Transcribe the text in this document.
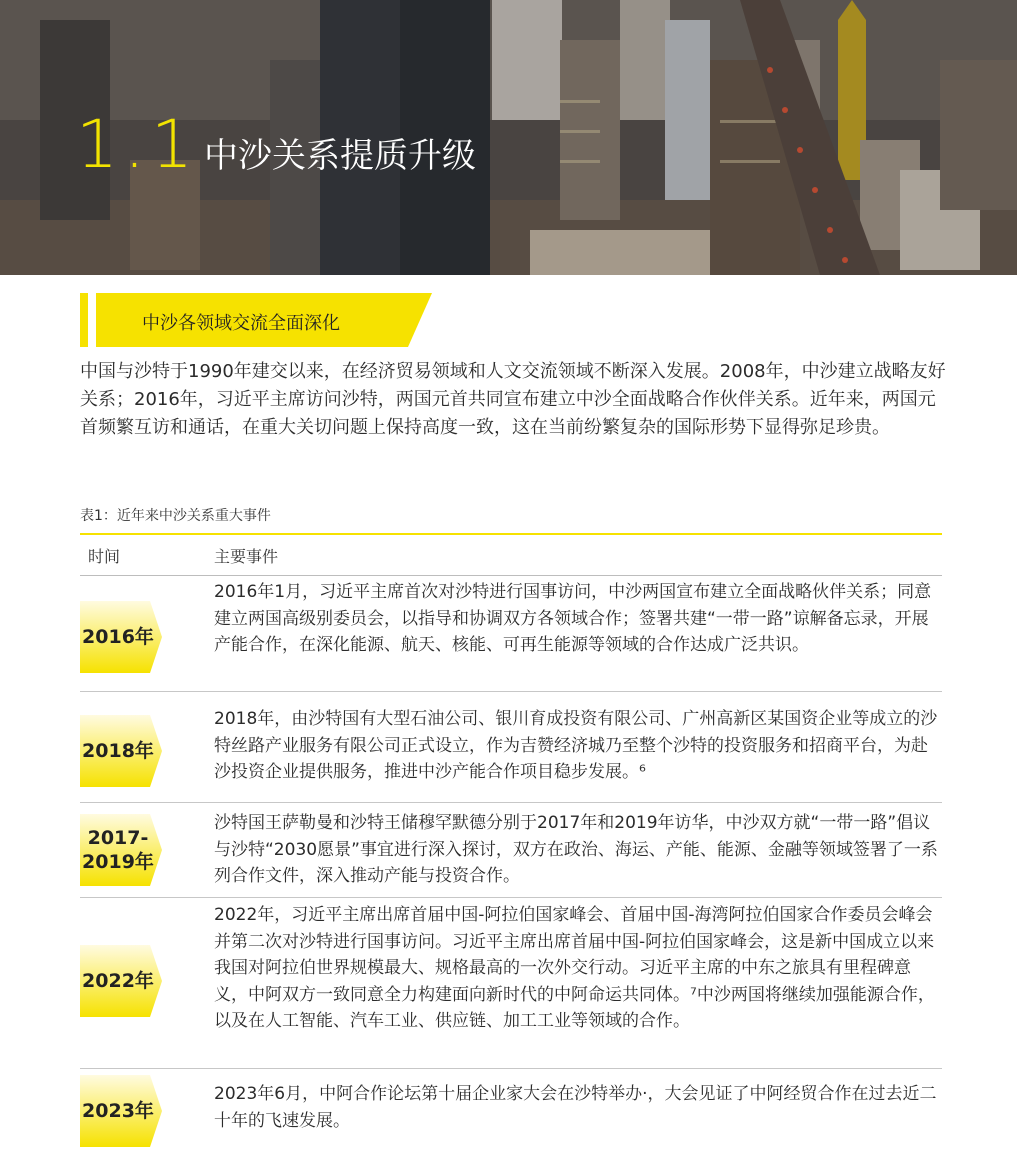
1.1 中沙关系提质升级
中沙各领域交流全面深化

中国与沙特于1990年建交以来，在经济贸易领域和人文交流领域不断深入发展。2008年，中沙建立战略友好关系；2016年，习近平主席访问沙特，两国元首共同宣布建立中沙全面战略合作伙伴关系。近年来，两国元首频繁互访和通话，在重大关切问题上保持高度一致，这在当前纷繁复杂的国际形势下显得弥足珍贵。

表1：近年来中沙关系重大事件
时间	主要事件
2016年

2016年1月，习近平主席首次对沙特进行国事访问，中沙两国宣布建立全面战略伙伴关系；同意建立两国高级别委员会，以指导和协调双方各领域合作；签署共建“一带一路”谅解备忘录，开展产能合作，在深化能源、航天、核能、可再生能源等领域的合作达成广泛共识。

2018年

2018年，由沙特国有大型石油公司、银川育成投资有限公司、广州高新区某国资企业等成立的沙特丝路产业服务有限公司正式设立，作为吉赞经济城乃至整个沙特的投资服务和招商平台，为赴沙投资企业提供服务，推进中沙产能合作项目稳步发展。⁶

2017-
2019年

沙特国王萨勒曼和沙特王储穆罕默德分别于2017年和2019年访华，中沙双方就“一带一路”倡议与沙特“2030愿景”事宜进行深入探讨，双方在政治、海运、产能、能源、金融等领域签署了一系列合作文件，深入推动产能与投资合作。

2022年

2022年，习近平主席出席首届中国-阿拉伯国家峰会、首届中国-海湾阿拉伯国家合作委员会峰会并第二次对沙特进行国事访问。习近平主席出席首届中国-阿拉伯国家峰会，这是新中国成立以来我国对阿拉伯世界规模最大、规格最高的一次外交行动。习近平主席的中东之旅具有里程碑意义，中阿双方一致同意全力构建面向新时代的中阿命运共同体。⁷中沙两国将继续加强能源合作，以及在人工智能、汽车工业、供应链、加工工业等领域的合作。

2023年

2023年6月，中阿合作论坛第十届企业家大会在沙特举办·，大会见证了中阿经贸合作在过去近二十年的飞速发展。
